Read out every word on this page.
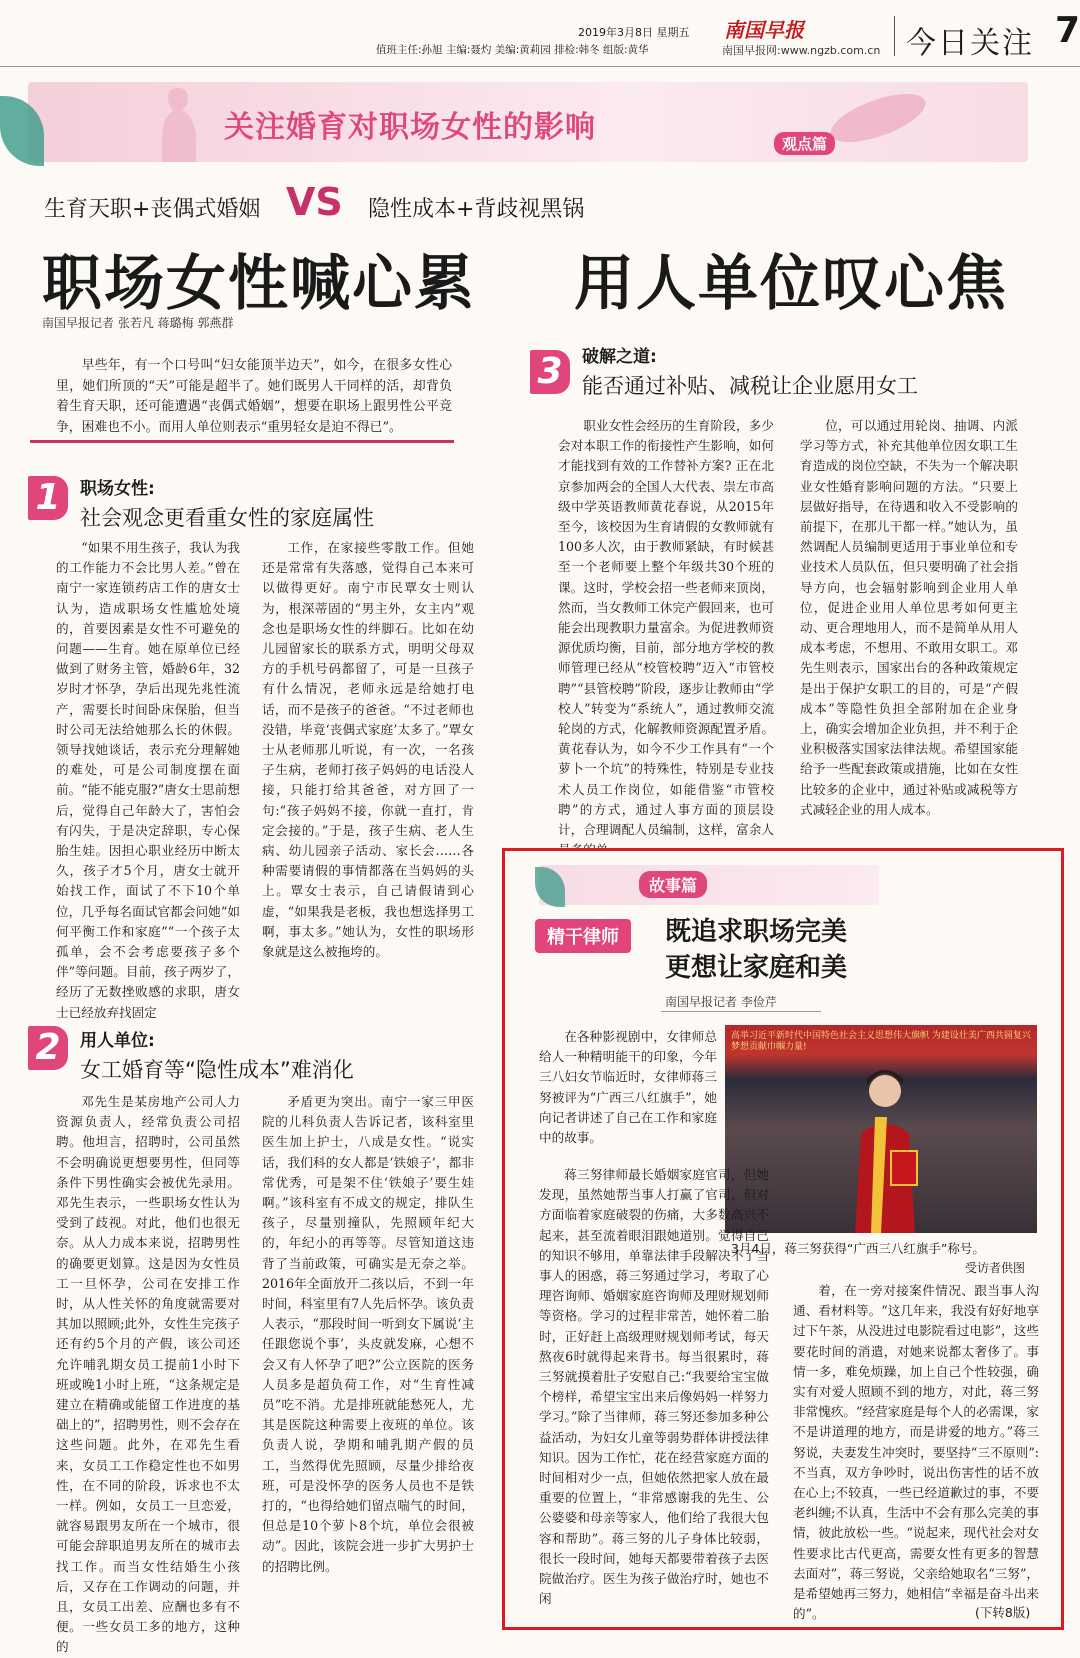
7
今日关注
南国早报
南国早报网:www.ngzb.com.cn
2019年3月8日 星期五
值班主任:孙旭 主编:聂灼 美编:黄莉园 排检:韩冬 组版:黄华
关注婚育对职场女性的影响	观点篇
生育天职+丧偶式婚姻 VS 隐性成本+背歧视黑锅
职场女性喊心累 用人单位叹心焦
南国早报记者 张若凡 蒋璐梅 郭燕群
早些年，有一个口号叫“妇女能顶半边天”，如今，在很多女性心里，她们所顶的“天”可能是超半了。她们既男人干同样的活，却背负着生育天职，还可能遭遇“丧偶式婚姻”，想要在职场上跟男性公平竞争，困难也不小。而用人单位则表示“重男轻女是迫不得已”。
1	职场女性:
社会观念更看重女性的家庭属性
“如果不用生孩子，我认为我的工作能力不会比男人差。”曾在南宁一家连锁药店工作的唐女士认为，造成职场女性尴尬处境的，首要因素是女性不可避免的问题——生育。她在原单位已经做到了财务主管，婚龄6年，32岁时才怀孕，孕后出现先兆性流产，需要长时间卧床保胎，但当时公司无法给她那么长的休假。领导找她谈话，表示充分理解她的难处，可是公司制度摆在面前。“能不能克服?”唐女士思前想后，觉得自己年龄大了，害怕会有闪失，于是决定辞职，专心保胎生娃。因担心职业经历中断太久，孩子才5个月，唐女士就开始找工作，面试了不下10个单位，几乎每名面试官都会问她“如何平衡工作和家庭”“一个孩子太孤单，会不会考虑要孩子多个伴”等问题。目前，孩子两岁了，经历了无数挫败感的求职，唐女士已经放弃找固定
工作，在家接些零散工作。但她还是常常有失落感，觉得自己本来可以做得更好。南宁市民覃女士则认为，根深蒂固的“男主外，女主内”观念也是职场女性的绊脚石。比如在幼儿园留家长的联系方式，明明父母双方的手机号码都留了，可是一旦孩子有什么情况，老师永远是给她打电话，而不是孩子的爸爸。“不过老师也没错，毕竟‘丧偶式家庭’太多了。”覃女士从老师那儿听说，有一次，一名孩子生病，老师打孩子妈妈的电话没人接，只能打给其爸爸，对方回了一句:“孩子妈妈不接，你就一直打，肯定会接的。”于是，孩子生病、老人生病、幼儿园亲子活动、家长会……各种需要请假的事情都落在当妈妈的头上。覃女士表示，自己请假请到心虚，“如果我是老板，我也想选择男工啊，事太多。”她认为，女性的职场形象就是这么被拖垮的。
2	用人单位:
女工婚育等“隐性成本”难消化
邓先生是某房地产公司人力资源负责人，经常负责公司招聘。他坦言，招聘时，公司虽然不会明确说更想要男性，但同等条件下男性确实会被优先录用。邓先生表示，一些职场女性认为受到了歧视。对此，他们也很无奈。从人力成本来说，招聘男性的确要更划算。这是因为女性员工一旦怀孕，公司在安排工作时，从人性关怀的角度就需要对其加以照顾;此外，女性生完孩子还有约5个月的产假，该公司还允许哺乳期女员工提前1小时下班或晚1小时上班，“这条规定是建立在精确或能留工作进度的基础上的”，招聘男性，则不会存在这些问题。此外，在邓先生看来，女员工工作稳定性也不如男性，在不同的阶段，诉求也不太一样。例如，女员工一旦恋爱，就容易跟男友所在一个城市，很可能会辞职追男友所在的城市去找工作。而当女性结婚生小孩后，又存在工作调动的问题，并且，女员工出差、应酬也多有不便。一些女员工多的地方，这种的
矛盾更为突出。南宁一家三甲医院的儿科负责人告诉记者，该科室里医生加上护士，八成是女性。“说实话，我们科的女人都是‘铁娘子’，都非常优秀，可是架不住‘铁娘子’要生娃啊。”该科室有不成文的规定，排队生孩子，尽量别撞队，先照顾年纪大的，年纪小的再等等。尽管知道这违背了当前政策，可确实是无奈之举。2016年全面放开二孩以后，不到一年时间，科室里有7人先后怀孕。该负责人表示，“那段时间一听到女下属说‘主任跟您说个事’，头皮就发麻，心想不会又有人怀孕了吧?”公立医院的医务人员多是超负荷工作，对“生育性减员”吃不消。尤是排班就能愁死人，尤其是医院这种需要上夜班的单位。该负责人说，孕期和哺乳期产假的员工，当然得优先照顾，尽量少排给夜班，可是没怀孕的医务人员也不是铁打的，“也得给她们留点喘气的时间，但总是10个萝卜8个坑，单位会很被动”。因此，该院会进一步扩大男护士的招聘比例。
3	破解之道:
能否通过补贴、减税让企业愿用女工
职业女性会经历的生育阶段，多少会对本职工作的衔接性产生影响，如何才能找到有效的工作替补方案? 正在北京参加两会的全国人大代表、崇左市高级中学英语教师黄花春说，从2015年至今，该校因为生育请假的女教师就有100多人次，由于教师紧缺，有时候甚至一个老师要上整个年级共30个班的课。这时，学校会招一些老师来顶岗，然而，当女教师工休完产假回来，也可能会出现教职力量富余。为促进教师资源优质均衡，目前，部分地方学校的教师管理已经从“校管校聘”迈入“市管校聘”“县管校聘”阶段，逐步让教师由“学校人”转变为“系统人”，通过教师交流轮岗的方式，化解教师资源配置矛盾。黄花春认为，如今不少工作具有“一个萝卜一个坑”的特殊性，特别是专业技术人员工作岗位，如能借鉴“市管校聘”的方式，通过人事方面的顶层设计，合理调配人员编制，这样，富余人
位，可以通过用轮岗、抽调、内派学习等方式，补充其他单位因女职工生育造成的岗位空缺，不失为一个解决职业女性婚育影响问题的方法。“只要上层做好指导，在待遇和收入不受影响的前提下，在那儿干都一样。”她认为，虽然调配人员编制更适用于事业单位和专业技术人员队伍，但只要明确了社会指导方向，也会辐射影响到企业用人单位，促进企业用人单位思考如何更主动、更合理地用人，而不是简单从用人成本考虑，不想用、不敢用女职工。邓先生则表示，国家出台的各种政策规定是出于保护女职工的目的，可是“产假成本”等隐性负担全部附加在企业身上，确实会增加企业负担，并不利于企业积极落实国家法律法规。希望国家能给予一些配套政策或措施，比如在女性比较多的企业中，通过补贴或减税等方式减轻企业的用人成本。
故事篇
精干律师	既追求职场完美
更想让家庭和美
南国早报记者 李俭芹
高举习近平新时代中国特色社会主义思想伟大旗帜 为建设壮美广西共圆复兴梦想贡献巾帼力量!
3月4日，蒋三努获得“广西三八红旗手”称号。
受访者供图
在各种影视剧中，女律师总给人一种精明能干的印象，今年三八妇女节临近时，女律师蒋三努被评为“广西三八红旗手”，她向记者讲述了自己在工作和家庭中的故事。
蒋三努律师最长婚姻家庭官司，但她发现，虽然她帮当事人打赢了官司，但对方面临着家庭破裂的伤痛，大多数高兴不起来，甚至流着眼泪跟她道别。觉得自己的知识不够用，单靠法律手段解决不了当事人的困惑，蒋三努通过学习，考取了心理咨询师、婚姻家庭咨询师及理财规划师等资格。学习的过程非常苦，她怀着二胎时，正好赶上高级理财规划师考试，每天熬夜6时就得起来背书。每当很累时，蒋三努就摸着肚子安慰自己:“我要给宝宝做个榜样，希望宝宝出来后像妈妈一样努力学习。”除了当律师，蒋三努还参加多种公益活动，为妇女儿童等弱势群体讲授法律知识。因为工作忙，花在经营家庭方面的时间相对少一点，但她依然把家人放在最重要的位置上，“非常感谢我的先生、公公婆婆和母亲等家人，他们给了我很大包容和帮助”。蒋三努的儿子身体比较弱，很长一段时间，她每天都要带着孩子去医院做治疗。医生为孩子做治疗时，她也不闲
着，在一旁对接案件情况、跟当事人沟通、看材料等。“这几年来，我没有好好地享过下午茶，从没进过电影院看过电影”，这些要花时间的消遣，对她来说都太奢侈了。事情一多，难免烦躁，加上自己个性较强，确实有对爱人照顾不到的地方，对此，蒋三努非常愧疚。“经营家庭是每个人的必需课，家不是讲道理的地方，而是讲爱的地方。”蒋三努说，夫妻发生冲突时，要坚持“三不原则”:不当真，双方争吵时，说出伤害性的话不放在心上;不较真，一些已经道歉过的事，不要老纠缠;不认真，生活中不会有那么完美的事情，彼此放松一些。“说起来，现代社会对女性要求比古代更高，需要女性有更多的智慧去面对”，蒋三努说，父亲给她取名“三努”，是希望她再三努力，她相信“幸福是奋斗出来的”。	(下转8版)
